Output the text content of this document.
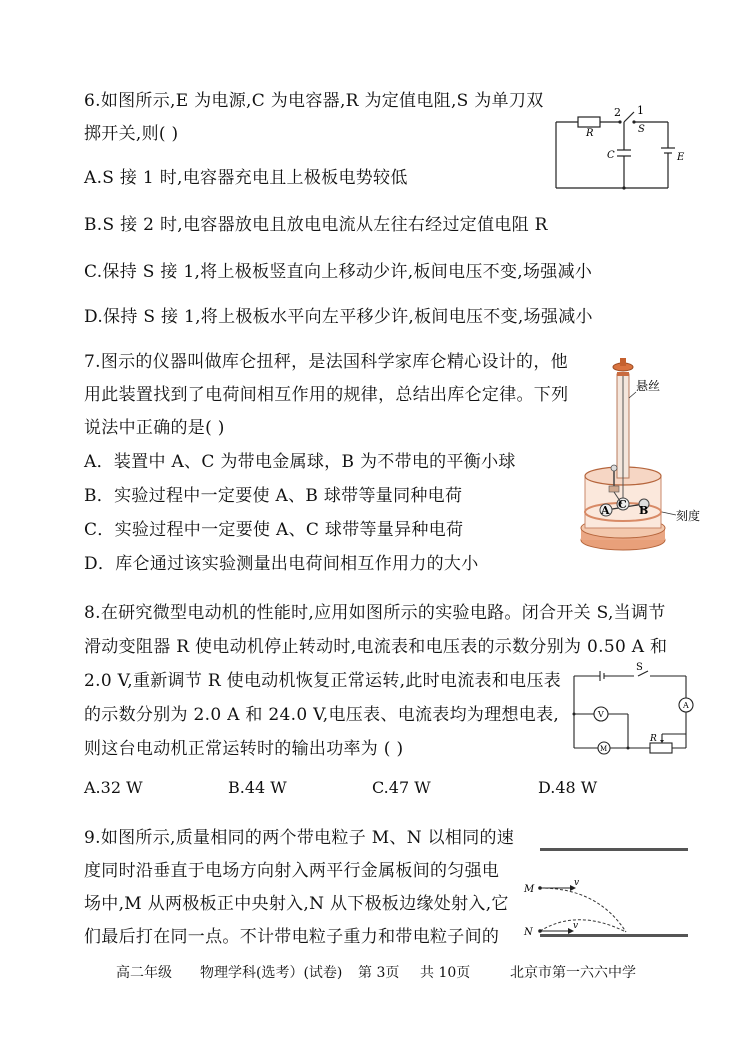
6.如图所示,E 为电源,C 为电容器,R 为定值电阻,S 为单刀双
掷开关,则( )
A.S 接 1 时,电容器充电且上极板电势较低
B.S 接 2 时,电容器放电且放电电流从左往右经过定值电阻 R
C.保持 S 接 1,将上极板竖直向上移动少许,板间电压不变,场强减小
D.保持 S 接 1,将上极板水平向左平移少许,板间电压不变,场强减小
2 1
R	S
C	E
7.图示的仪器叫做库仑扭秤，是法国科学家库仑精心设计的，他
用此装置找到了电荷间相互作用的规律，总结出库仑定律。下列
说法中正确的是( )
A．装置中 A、C 为带电金属球，B 为不带电的平衡小球
B．实验过程中一定要使 A、B 球带等量同种电荷
C．实验过程中一定要使 A、C 球带等量异种电荷
D．库仑通过该实验测量出电荷间相互作用力的大小
A C B
悬丝
刻度
8.在研究微型电动机的性能时,应用如图所示的实验电路。闭合开关 S,当调节
滑动变阻器 R 使电动机停止转动时,电流表和电压表的示数分别为 0.50 A 和
2.0 V,重新调节 R 使电动机恢复正常运转,此时电流表和电压表
的示数分别为 2.0 A 和 24.0 V,电压表、电流表均为理想电表,
则这台电动机正常运转时的输出功率为 ( )
A.32 W	B.44 W	C.47 W	D.48 W
S
V
A
M
R
9.如图所示,质量相同的两个带电粒子 M、N 以相同的速
度同时沿垂直于电场方向射入两平行金属板间的匀强电
场中,M 从两极板正中央射入,N 从下极板边缘处射入,它
们最后打在同一点。不计带电粒子重力和带电粒子间的
M
N
v
v
高二年级 物理学科(选考）(试卷) 第 3页 共 10页	北京市第一六六中学
